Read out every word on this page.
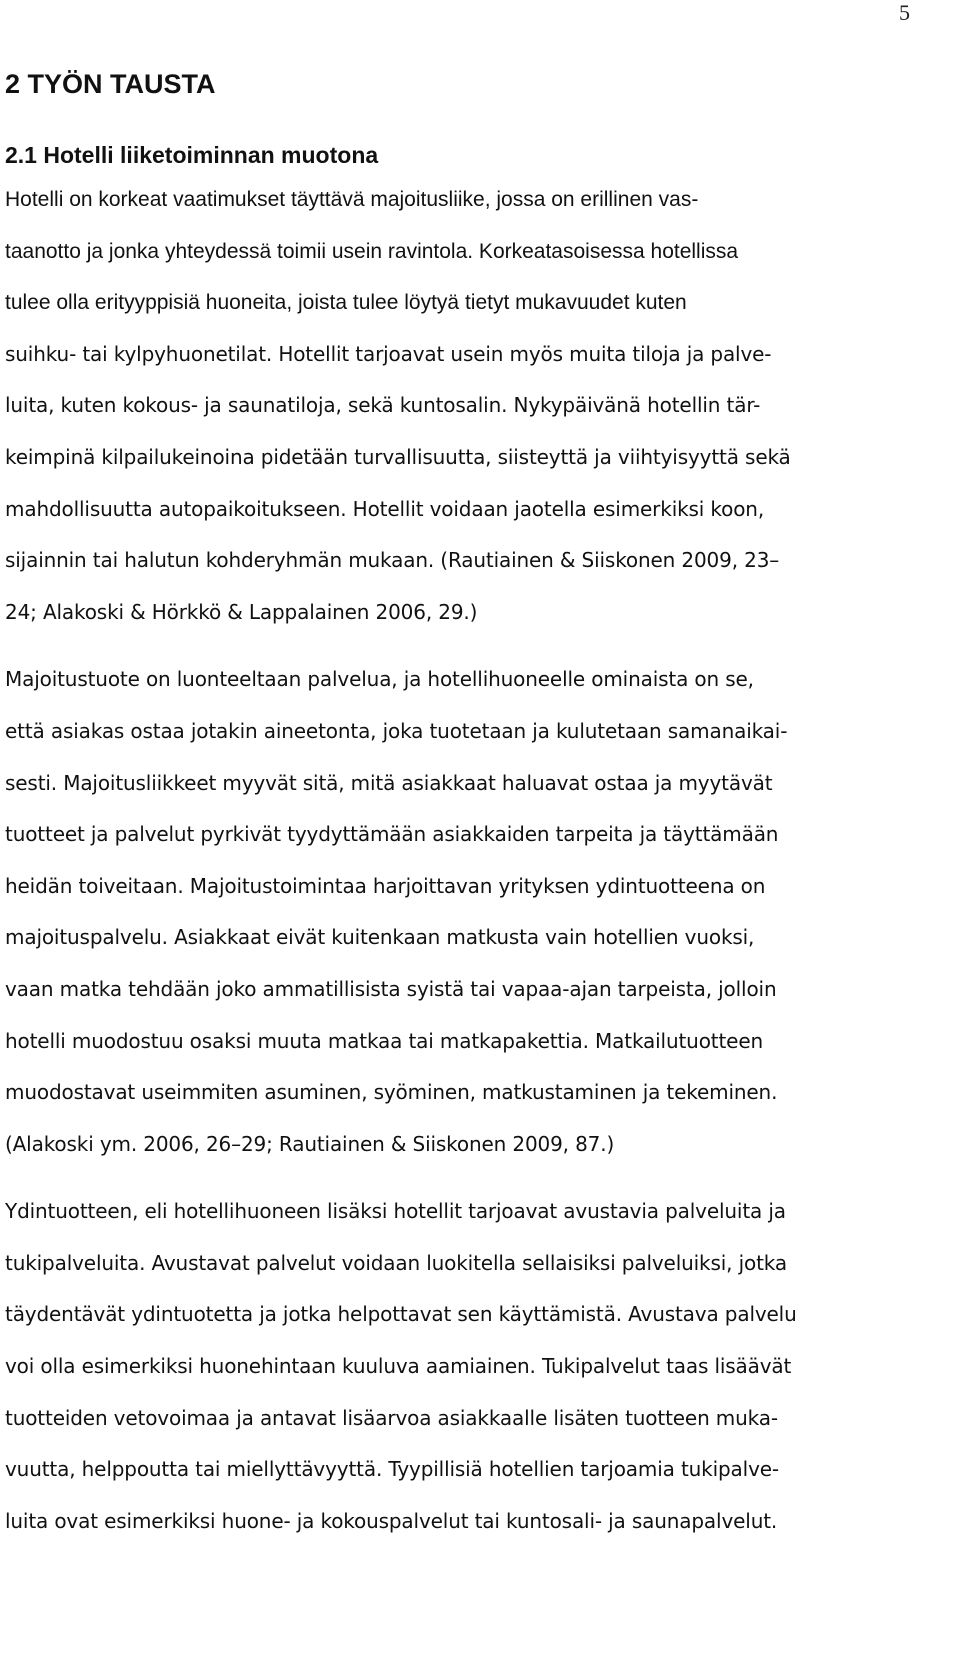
5
2 TYÖN TAUSTA
2.1 Hotelli liiketoiminnan muotona
Hotelli on korkeat vaatimukset täyttävä majoitusliike, jossa on erillinen vas-
taanotto ja jonka yhteydessä toimii usein ravintola. Korkeatasoisessa hotellissa
tulee olla erityyppisiä huoneita, joista tulee löytyä tietyt mukavuudet kuten
suihku- tai kylpyhuonetilat. Hotellit tarjoavat usein myös muita tiloja ja palve-
luita, kuten kokous- ja saunatiloja, sekä kuntosalin. Nykypäivänä hotellin tär-
keimpinä kilpailukeinoina pidetään turvallisuutta, siisteyttä ja viihtyisyyttä sekä
mahdollisuutta autopaikoitukseen. Hotellit voidaan jaotella esimerkiksi koon,
sijainnin tai halutun kohderyhmän mukaan. (Rautiainen & Siiskonen 2009, 23–
24; Alakoski & Hörkkö & Lappalainen 2006, 29.)
Majoitustuote on luonteeltaan palvelua, ja hotellihuoneelle ominaista on se,
että asiakas ostaa jotakin aineetonta, joka tuotetaan ja kulutetaan samanaikai-
sesti. Majoitusliikkeet myyvät sitä, mitä asiakkaat haluavat ostaa ja myytävät
tuotteet ja palvelut pyrkivät tyydyttämään asiakkaiden tarpeita ja täyttämään
heidän toiveitaan. Majoitustoimintaa harjoittavan yrityksen ydintuotteena on
majoituspalvelu. Asiakkaat eivät kuitenkaan matkusta vain hotellien vuoksi,
vaan matka tehdään joko ammatillisista syistä tai vapaa-ajan tarpeista, jolloin
hotelli muodostuu osaksi muuta matkaa tai matkapakettia. Matkailutuotteen
muodostavat useimmiten asuminen, syöminen, matkustaminen ja tekeminen.
(Alakoski ym. 2006, 26–29; Rautiainen & Siiskonen 2009, 87.)
Ydintuotteen, eli hotellihuoneen lisäksi hotellit tarjoavat avustavia palveluita ja
tukipalveluita. Avustavat palvelut voidaan luokitella sellaisiksi palveluiksi, jotka
täydentävät ydintuotetta ja jotka helpottavat sen käyttämistä. Avustava palvelu
voi olla esimerkiksi huonehintaan kuuluva aamiainen. Tukipalvelut taas lisäävät
tuotteiden vetovoimaa ja antavat lisäarvoa asiakkaalle lisäten tuotteen muka-
vuutta, helppoutta tai miellyttävyyttä. Tyypillisiä hotellien tarjoamia tukipalve-
luita ovat esimerkiksi huone- ja kokouspalvelut tai kuntosali- ja saunapalvelut.
